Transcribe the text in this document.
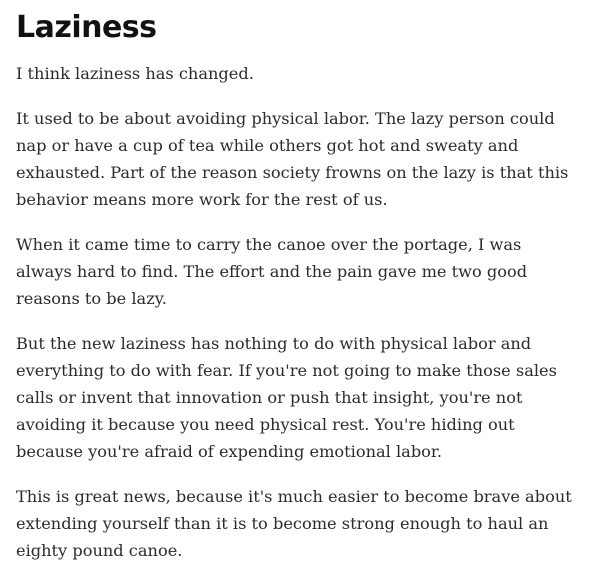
Laziness

I think laziness has changed.

It used to be about avoiding physical labor. The lazy person could nap or have a cup of tea while others got hot and sweaty and exhausted. Part of the reason society frowns on the lazy is that this behavior means more work for the rest of us.

When it came time to carry the canoe over the portage, I was always hard to find. The effort and the pain gave me two good reasons to be lazy.

But the new laziness has nothing to do with physical labor and everything to do with fear. If you're not going to make those sales calls or invent that innovation or push that insight, you're not avoiding it because you need physical rest. You're hiding out because you're afraid of expending emotional labor.

This is great news, because it's much easier to become brave about extending yourself than it is to become strong enough to haul an eighty pound canoe.
